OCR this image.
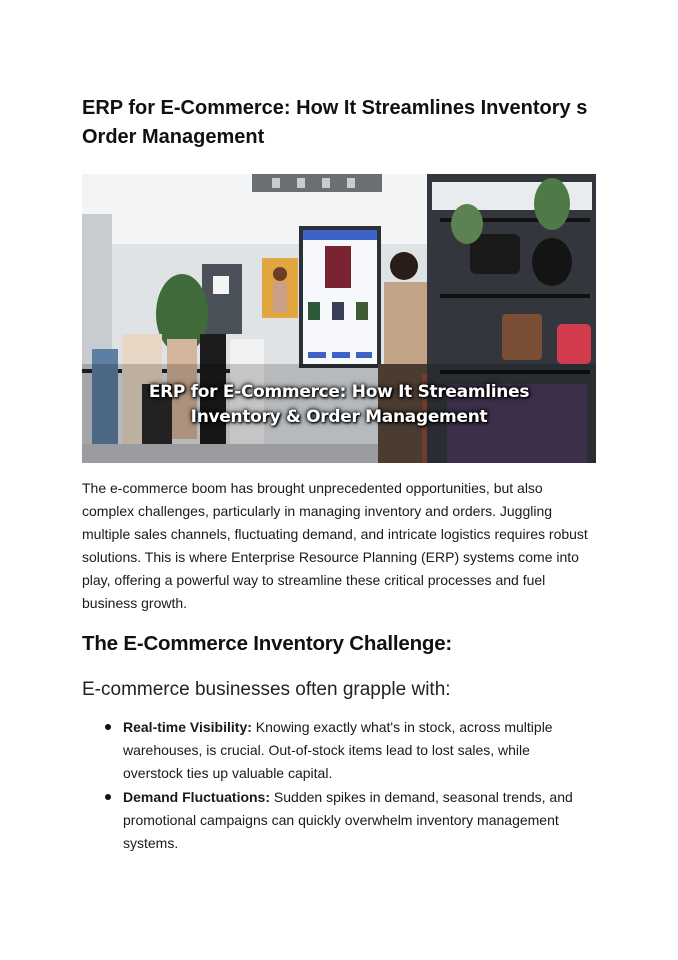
ERP for E-Commerce: How It Streamlines Inventory s Order Management
ERP for E-Commerce: How It Streamlines Inventory & Order Management

The e-commerce boom has brought unprecedented opportunities, but also complex challenges, particularly in managing inventory and orders. Juggling multiple sales channels, fluctuating demand, and intricate logistics requires robust solutions. This is where Enterprise Resource Planning (ERP) systems come into play, offering a powerful way to streamline these critical processes and fuel business growth.

The E-Commerce Inventory Challenge:

E-commerce businesses often grapple with:

Real-time Visibility: Knowing exactly what's in stock, across multiple warehouses, is crucial. Out-of-stock items lead to lost sales, while overstock ties up valuable capital.
Demand Fluctuations: Sudden spikes in demand, seasonal trends, and promotional campaigns can quickly overwhelm inventory management systems.
